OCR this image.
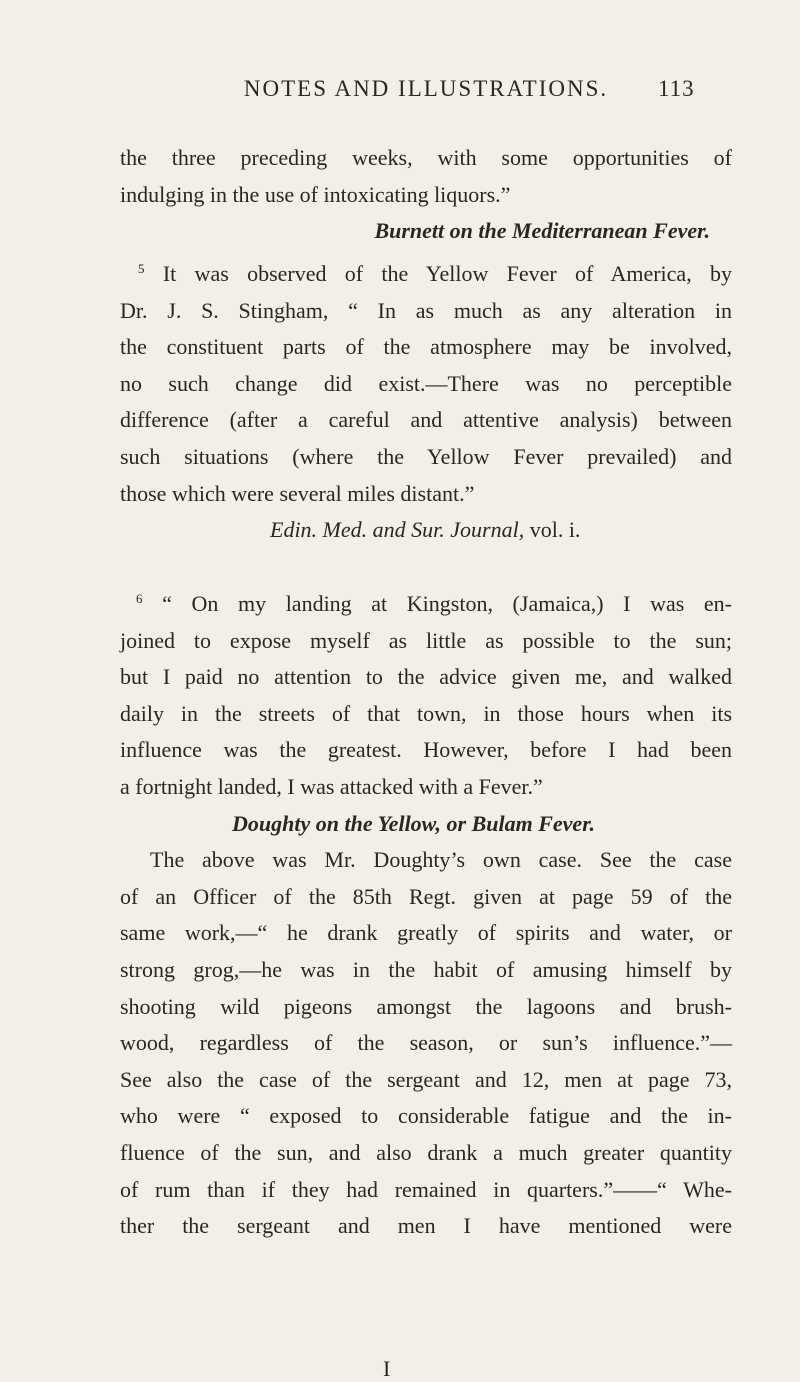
NOTES AND ILLUSTRATIONS.	113
the three preceding weeks, with some opportunities of
indulging in the use of intoxicating liquors.”
Burnett on the Mediterranean Fever.
$^5$ It was observed of the Yellow Fever of America, by
Dr. J. S. Stingham, “ In as much as any alteration in
the constituent parts of the atmosphere may be involved,
no such change did exist.—There was no perceptible
difference (after a careful and attentive analysis) between
such situations (where the Yellow Fever prevailed) and
those which were several miles distant.”
Edin. Med. and Sur. Journal, vol. i.
$^6$ “ On my landing at Kingston, (Jamaica,) I was en-
joined to expose myself as little as possible to the sun;
but I paid no attention to the advice given me, and walked
daily in the streets of that town, in those hours when its
influence was the greatest. However, before I had been
a fortnight landed, I was attacked with a Fever.”
Doughty on the Yellow, or Bulam Fever.
The above was Mr. Doughty’s own case. See the case
of an Officer of the 85th Regt. given at page 59 of the
same work,—“ he drank greatly of spirits and water, or
strong grog,—he was in the habit of amusing himself by
shooting wild pigeons amongst the lagoons and brush-
wood, regardless of the season, or sun’s influence.”—
See also the case of the sergeant and 12, men at page 73,
who were “ exposed to considerable fatigue and the in-
fluence of the sun, and also drank a much greater quantity
of rum than if they had remained in quarters.”——“ Whe-
ther the sergeant and men I have mentioned were
I
